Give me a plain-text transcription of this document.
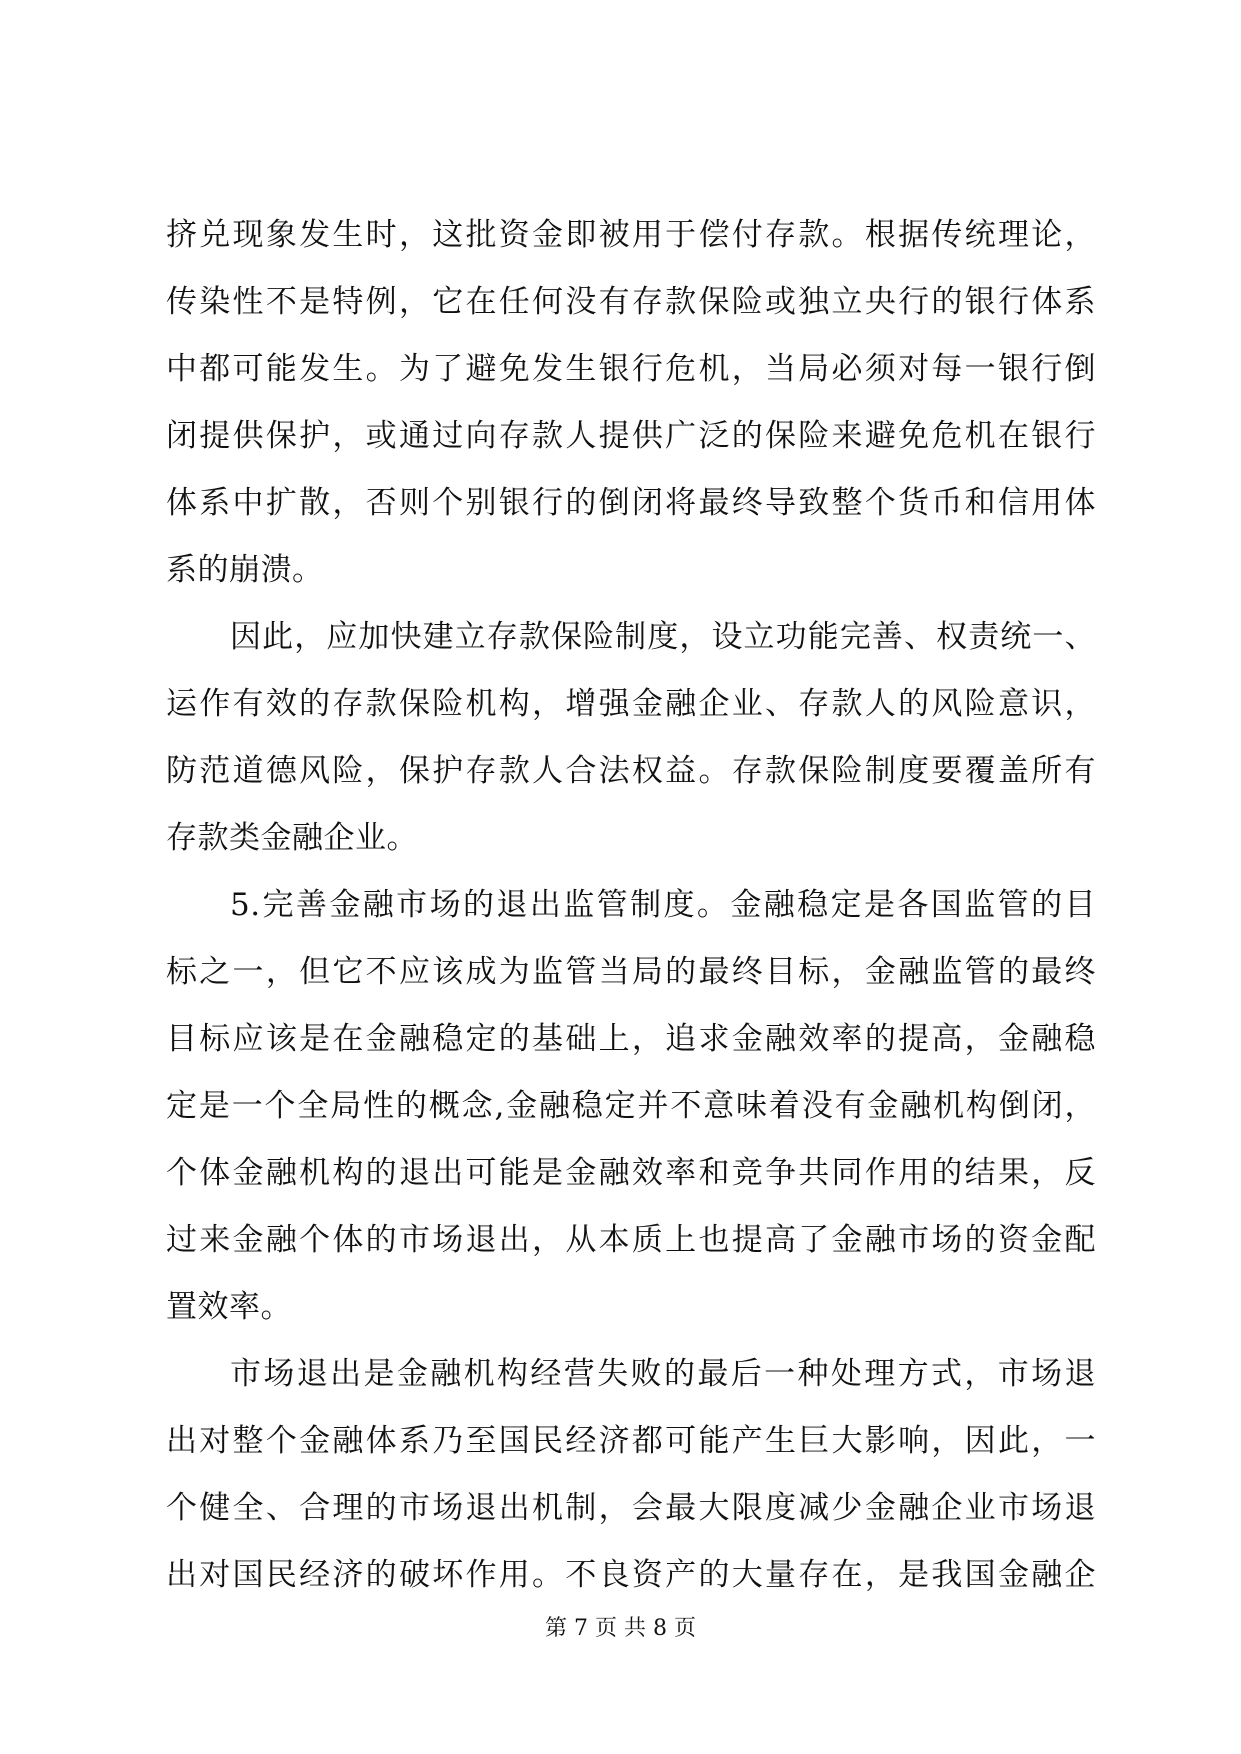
挤兑现象发生时，这批资金即被用于偿付存款。根据传统理论，
传染性不是特例，它在任何没有存款保险或独立央行的银行体系
中都可能发生。为了避免发生银行危机，当局必须对每一银行倒
闭提供保护，或通过向存款人提供广泛的保险来避免危机在银行
体系中扩散，否则个别银行的倒闭将最终导致整个货币和信用体
系的崩溃。
因此，应加快建立存款保险制度，设立功能完善、权责统一、
运作有效的存款保险机构，增强金融企业、存款人的风险意识，
防范道德风险，保护存款人合法权益。存款保险制度要覆盖所有
存款类金融企业。
5.完善金融市场的退出监管制度。金融稳定是各国监管的目
标之一，但它不应该成为监管当局的最终目标，金融监管的最终
目标应该是在金融稳定的基础上，追求金融效率的提高，金融稳
定是一个全局性的概念,金融稳定并不意味着没有金融机构倒闭，
个体金融机构的退出可能是金融效率和竞争共同作用的结果，反
过来金融个体的市场退出，从本质上也提高了金融市场的资金配
置效率。
市场退出是金融机构经营失败的最后一种处理方式，市场退
出对整个金融体系乃至国民经济都可能产生巨大影响，因此，一
个健全、合理的市场退出机制，会最大限度减少金融企业市场退
出对国民经济的破坏作用。不良资产的大量存在，是我国金融企
第 7 页 共 8 页
